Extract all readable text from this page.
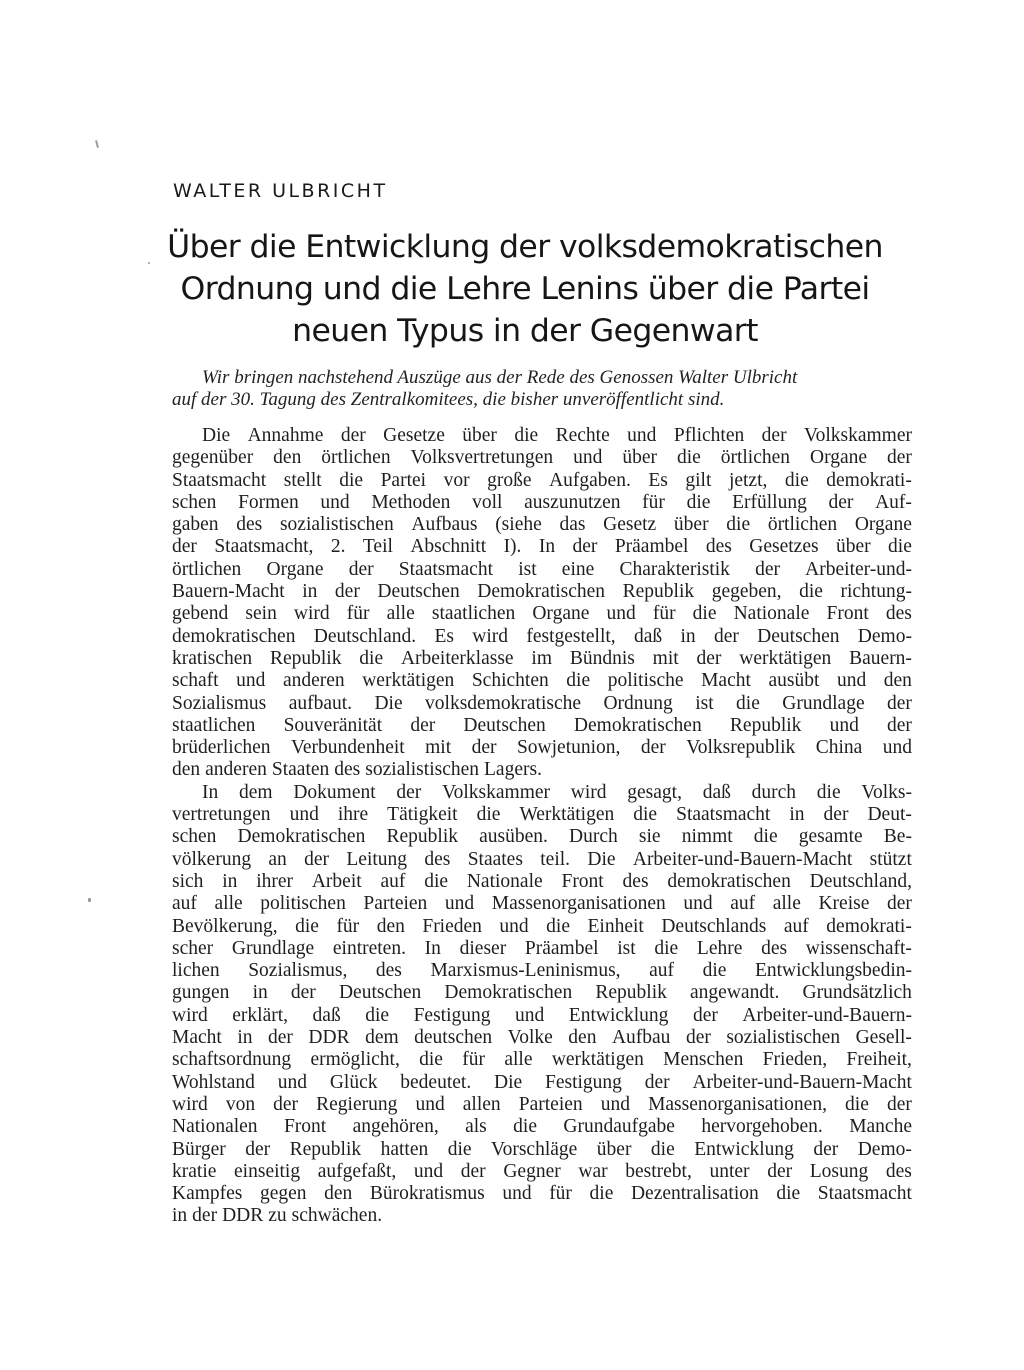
WALTER ULBRICHT
Über die Entwicklung der volksdemokratischen
Ordnung und die Lehre Lenins über die Partei
neuen Typus in der Gegenwart
Wir bringen nachstehend Auszüge aus der Rede des Genossen Walter Ulbricht
auf der 30. Tagung des Zentralkomitees, die bisher unveröffentlicht sind.
Die Annahme der Gesetze über die Rechte und Pflichten der Volkskammer
gegenüber den örtlichen Volksvertretungen und über die örtlichen Organe der
Staatsmacht stellt die Partei vor große Aufgaben. Es gilt jetzt, die demokrati-
schen Formen und Methoden voll auszunutzen für die Erfüllung der Auf-
gaben des sozialistischen Aufbaus (siehe das Gesetz über die örtlichen Organe
der Staatsmacht, 2. Teil Abschnitt I). In der Präambel des Gesetzes über die
örtlichen Organe der Staatsmacht ist eine Charakteristik der Arbeiter-und-
Bauern-Macht in der Deutschen Demokratischen Republik gegeben, die richtung-
gebend sein wird für alle staatlichen Organe und für die Nationale Front des
demokratischen Deutschland. Es wird festgestellt, daß in der Deutschen Demo-
kratischen Republik die Arbeiterklasse im Bündnis mit der werktätigen Bauern-
schaft und anderen werktätigen Schichten die politische Macht ausübt und den
Sozialismus aufbaut. Die volksdemokratische Ordnung ist die Grundlage der
staatlichen Souveränität der Deutschen Demokratischen Republik und der
brüderlichen Verbundenheit mit der Sowjetunion, der Volksrepublik China und
den anderen Staaten des sozialistischen Lagers.
In dem Dokument der Volkskammer wird gesagt, daß durch die Volks-
vertretungen und ihre Tätigkeit die Werktätigen die Staatsmacht in der Deut-
schen Demokratischen Republik ausüben. Durch sie nimmt die gesamte Be-
völkerung an der Leitung des Staates teil. Die Arbeiter-und-Bauern-Macht stützt
sich in ihrer Arbeit auf die Nationale Front des demokratischen Deutschland,
auf alle politischen Parteien und Massenorganisationen und auf alle Kreise der
Bevölkerung, die für den Frieden und die Einheit Deutschlands auf demokrati-
scher Grundlage eintreten. In dieser Präambel ist die Lehre des wissenschaft-
lichen Sozialismus, des Marxismus-Leninismus, auf die Entwicklungsbedin-
gungen in der Deutschen Demokratischen Republik angewandt. Grundsätzlich
wird erklärt, daß die Festigung und Entwicklung der Arbeiter-und-Bauern-
Macht in der DDR dem deutschen Volke den Aufbau der sozialistischen Gesell-
schaftsordnung ermöglicht, die für alle werktätigen Menschen Frieden, Freiheit,
Wohlstand und Glück bedeutet. Die Festigung der Arbeiter-und-Bauern-Macht
wird von der Regierung und allen Parteien und Massenorganisationen, die der
Nationalen Front angehören, als die Grundaufgabe hervorgehoben. Manche
Bürger der Republik hatten die Vorschläge über die Entwicklung der Demo-
kratie einseitig aufgefaßt, und der Gegner war bestrebt, unter der Losung des
Kampfes gegen den Bürokratismus und für die Dezentralisation die Staatsmacht
in der DDR zu schwächen.
